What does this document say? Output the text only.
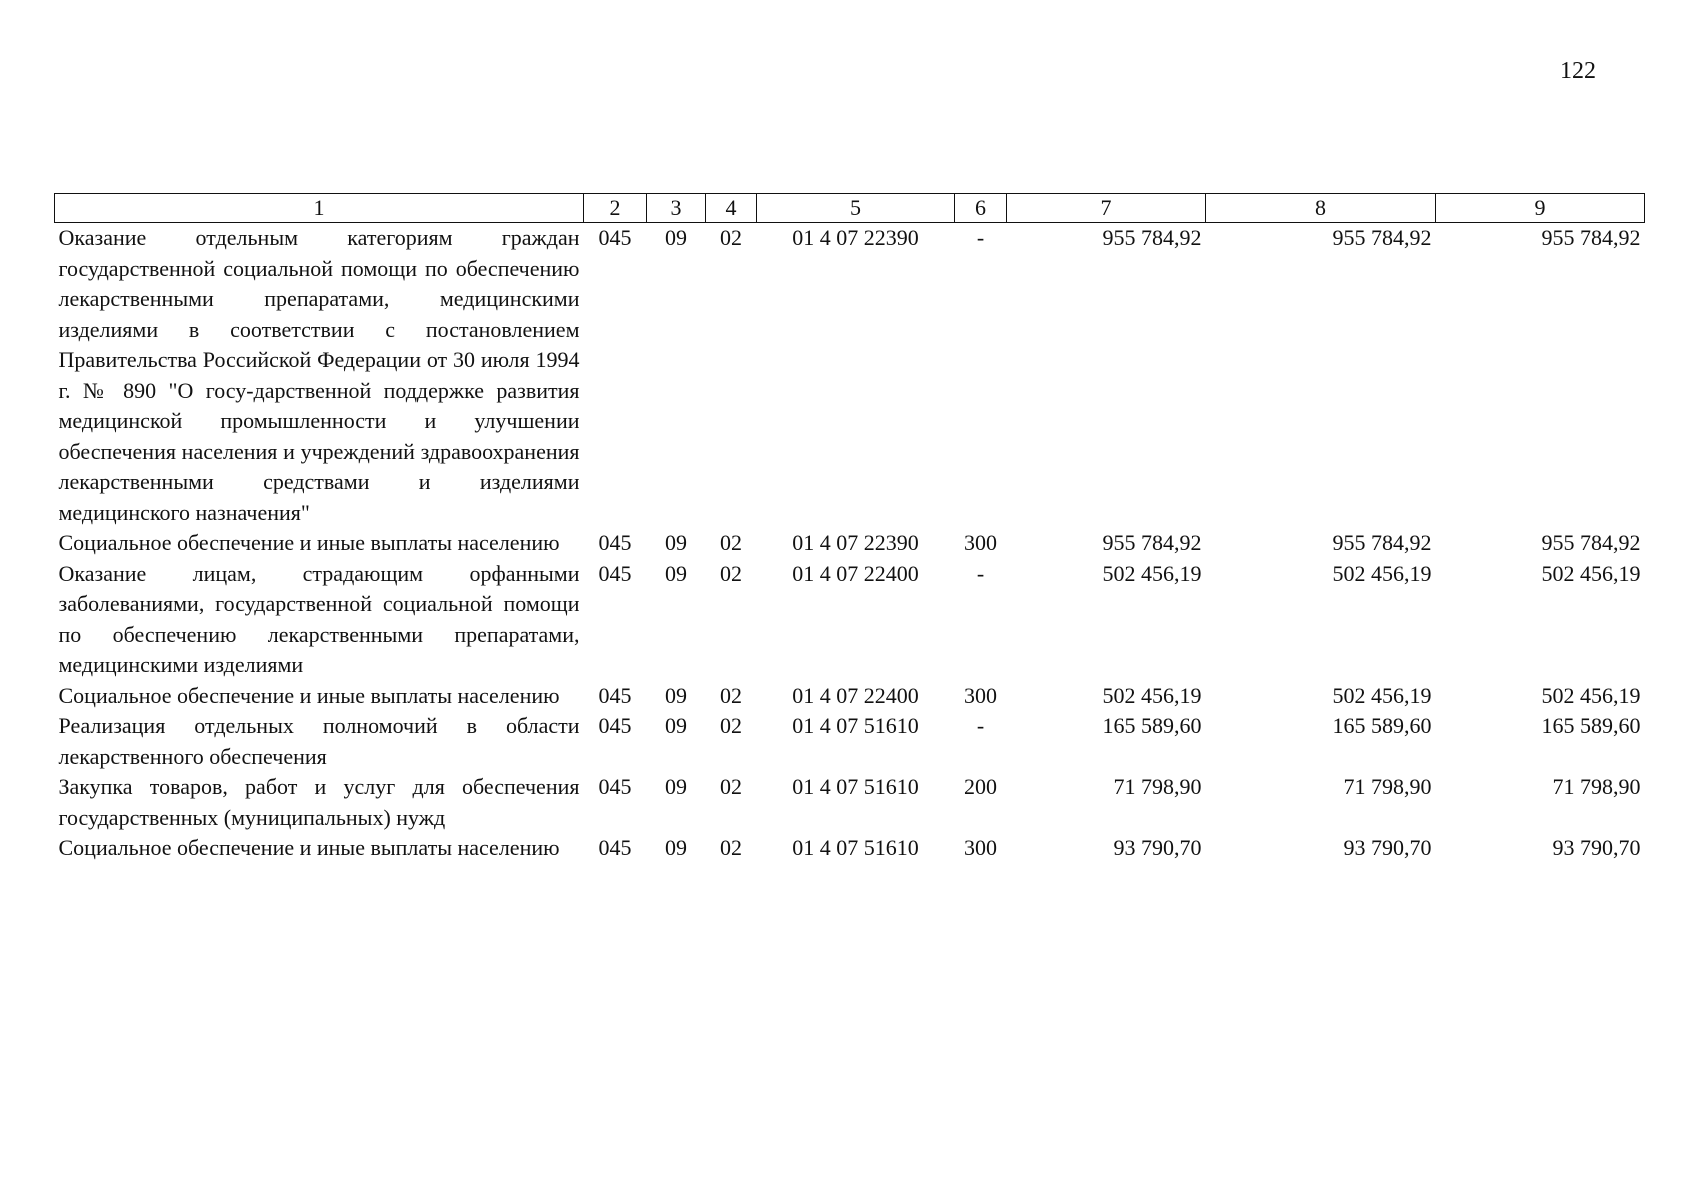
122
1	2	3	4	5	6	7	8	9
Оказание отдельным категориям граждан государственной социальной помощи по обеспечению лекарственными препаратами, медицинскими изделиями в соответствии с постановлением Правительства Российской Федерации от 30 июля 1994 г. № 890 "О госу-дарственной поддержке развития медицинской промышленности и улучшении обеспечения населения и учреждений здравоохранения лекарственными средствами и изделиями медицинского назначения"	045	09	02	01 4 07 22390	-	955 784,92	955 784,92	955 784,92
Социальное обеспечение и иные выплаты населению	045	09	02	01 4 07 22390	300	955 784,92	955 784,92	955 784,92
Оказание лицам, страдающим орфанными заболеваниями, государственной социальной помощи по обеспечению лекарственными препаратами, медицинскими изделиями	045	09	02	01 4 07 22400	-	502 456,19	502 456,19	502 456,19
Социальное обеспечение и иные выплаты населению	045	09	02	01 4 07 22400	300	502 456,19	502 456,19	502 456,19
Реализация отдельных полномочий в области лекарственного обеспечения	045	09	02	01 4 07 51610	-	165 589,60	165 589,60	165 589,60
Закупка товаров, работ и услуг для обеспечения государственных (муниципальных) нужд	045	09	02	01 4 07 51610	200	71 798,90	71 798,90	71 798,90
Социальное обеспечение и иные выплаты населению	045	09	02	01 4 07 51610	300	93 790,70	93 790,70	93 790,70
